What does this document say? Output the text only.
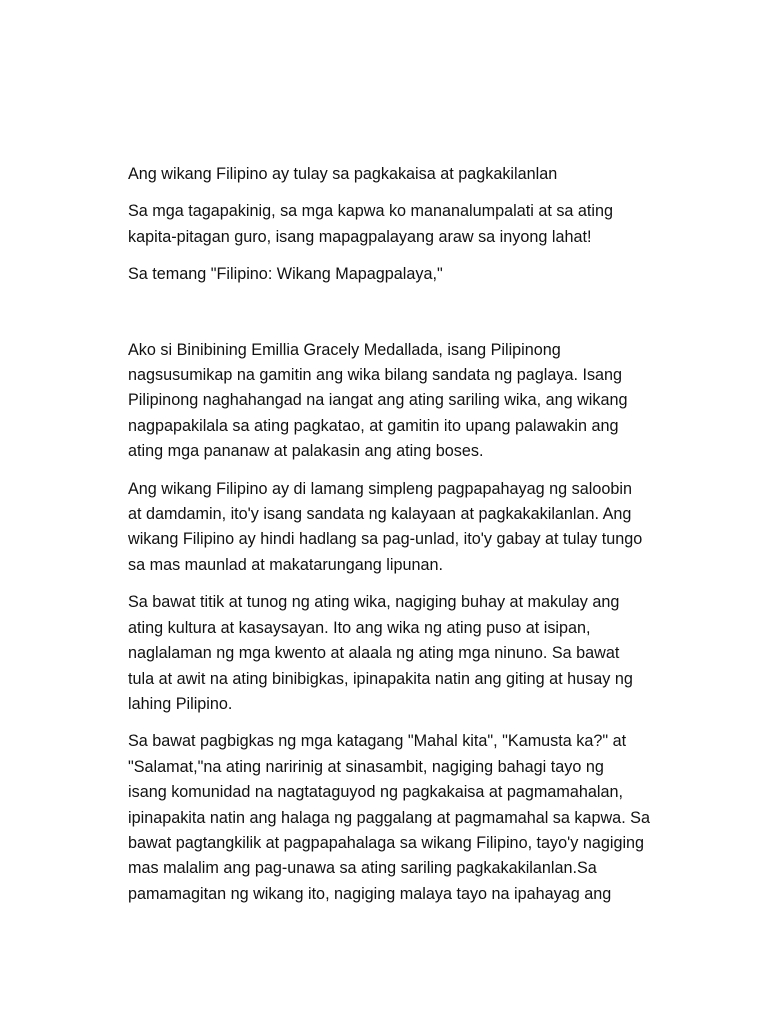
Ang wikang Filipino ay tulay sa pagkakaisa at pagkakilanlan

Sa mga tagapakinig, sa mga kapwa ko mananalumpalati at sa ating
kapita-pitagan guro, isang mapagpalayang araw sa inyong lahat!

Sa temang "Filipino: Wikang Mapagpalaya,"

Ako si Binibining Emillia Gracely Medallada, isang Pilipinong
nagsusumikap na gamitin ang wika bilang sandata ng paglaya. Isang
Pilipinong naghahangad na iangat ang ating sariling wika, ang wikang
nagpapakilala sa ating pagkatao, at gamitin ito upang palawakin ang
ating mga pananaw at palakasin ang ating boses.

Ang wikang Filipino ay di lamang simpleng pagpapahayag ng saloobin
at damdamin, ito'y isang sandata ng kalayaan at pagkakakilanlan. Ang
wikang Filipino ay hindi hadlang sa pag-unlad, ito'y gabay at tulay tungo
sa mas maunlad at makatarungang lipunan.

Sa bawat titik at tunog ng ating wika, nagiging buhay at makulay ang
ating kultura at kasaysayan. Ito ang wika ng ating puso at isipan,
naglalaman ng mga kwento at alaala ng ating mga ninuno. Sa bawat
tula at awit na ating binibigkas, ipinapakita natin ang giting at husay ng
lahing Pilipino.

Sa bawat pagbigkas ng mga katagang "Mahal kita", "Kamusta ka?" at
"Salamat,"na ating naririnig at sinasambit, nagiging bahagi tayo ng
isang komunidad na nagtataguyod ng pagkakaisa at pagmamahalan,
ipinapakita natin ang halaga ng paggalang at pagmamahal sa kapwa. Sa
bawat pagtangkilik at pagpapahalaga sa wikang Filipino, tayo'y nagiging
mas malalim ang pag-unawa sa ating sariling pagkakakilanlan.Sa
pamamagitan ng wikang ito, nagiging malaya tayo na ipahayag ang
